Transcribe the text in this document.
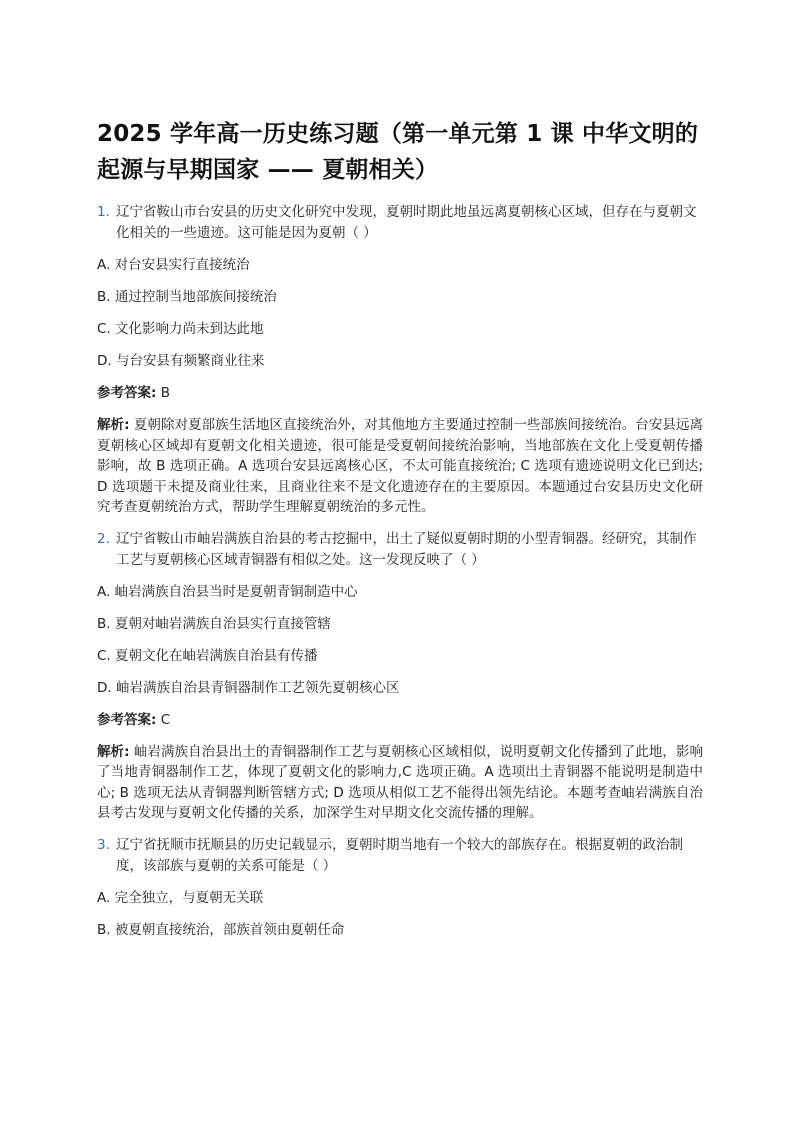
2025 学年高一历史练习题（第一单元第 1 课 中华文明的起源与早期国家 —— 夏朝相关）

1. 辽宁省鞍山市台安县的历史文化研究中发现，夏朝时期此地虽远离夏朝核心区域，但存在与夏朝文化相关的一些遗迹。这可能是因为夏朝（ ）

A. 对台安县实行直接统治

B. 通过控制当地部族间接统治

C. 文化影响力尚未到达此地

D. 与台安县有频繁商业往来

参考答案: B

解析: 夏朝除对夏部族生活地区直接统治外，对其他地方主要通过控制一些部族间接统治。台安县远离夏朝核心区域却有夏朝文化相关遗迹，很可能是受夏朝间接统治影响，当地部族在文化上受夏朝传播影响，故 B 选项正确。A 选项台安县远离核心区，不太可能直接统治; C 选项有遗迹说明文化已到达; D 选项题干未提及商业往来，且商业往来不是文化遗迹存在的主要原因。本题通过台安县历史文化研究考查夏朝统治方式，帮助学生理解夏朝统治的多元性。

2. 辽宁省鞍山市岫岩满族自治县的考古挖掘中，出土了疑似夏朝时期的小型青铜器。经研究，其制作工艺与夏朝核心区域青铜器有相似之处。这一发现反映了（ ）

A. 岫岩满族自治县当时是夏朝青铜制造中心

B. 夏朝对岫岩满族自治县实行直接管辖

C. 夏朝文化在岫岩满族自治县有传播

D. 岫岩满族自治县青铜器制作工艺领先夏朝核心区

参考答案: C

解析: 岫岩满族自治县出土的青铜器制作工艺与夏朝核心区域相似，说明夏朝文化传播到了此地，影响了当地青铜器制作工艺，体现了夏朝文化的影响力,C 选项正确。A 选项出土青铜器不能说明是制造中心; B 选项无法从青铜器判断管辖方式; D 选项从相似工艺不能得出领先结论。本题考查岫岩满族自治县考古发现与夏朝文化传播的关系，加深学生对早期文化交流传播的理解。

3. 辽宁省抚顺市抚顺县的历史记载显示，夏朝时期当地有一个较大的部族存在。根据夏朝的政治制度，该部族与夏朝的关系可能是（ ）

A. 完全独立，与夏朝无关联

B. 被夏朝直接统治，部族首领由夏朝任命
